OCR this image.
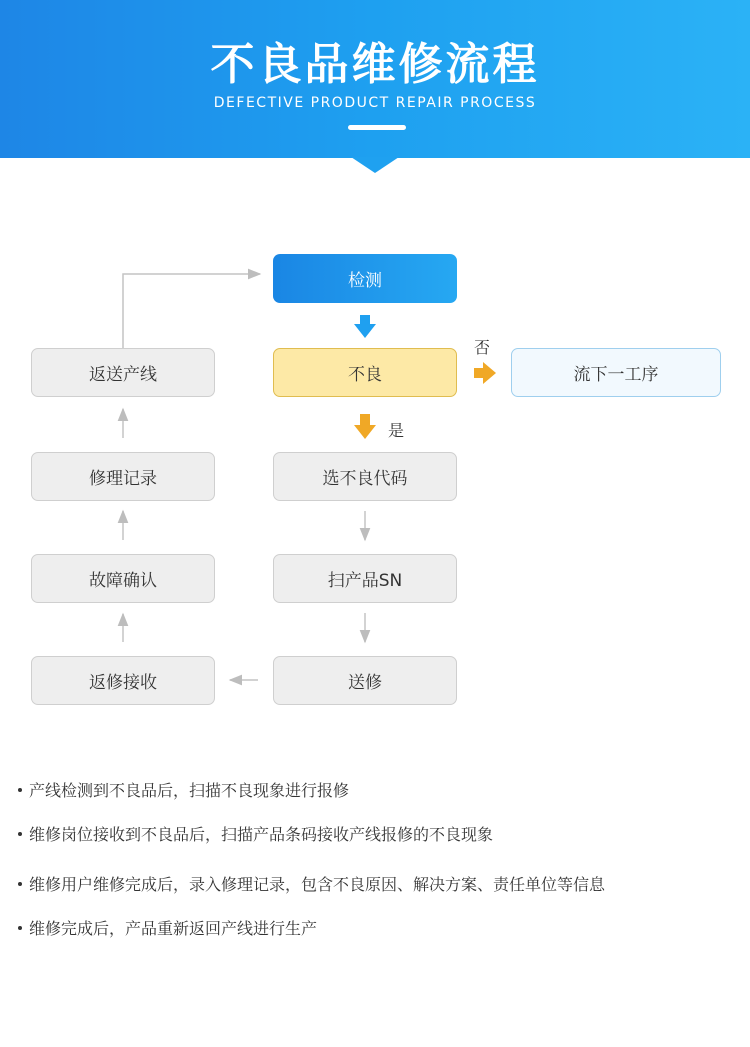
不良品维修流程
DEFECTIVE PRODUCT REPAIR PROCESS
检测
不良	流下一工序
选不良代码
扫产品SN
送修
返修接收
故障确认
修理记录
返送产线
否
是
产线检测到不良品后，扫描不良现象进行报修
维修岗位接收到不良品后，扫描产品条码接收产线报修的不良现象
维修用户维修完成后，录入修理记录，包含不良原因、解决方案、责任单位等信息
维修完成后，产品重新返回产线进行生产
